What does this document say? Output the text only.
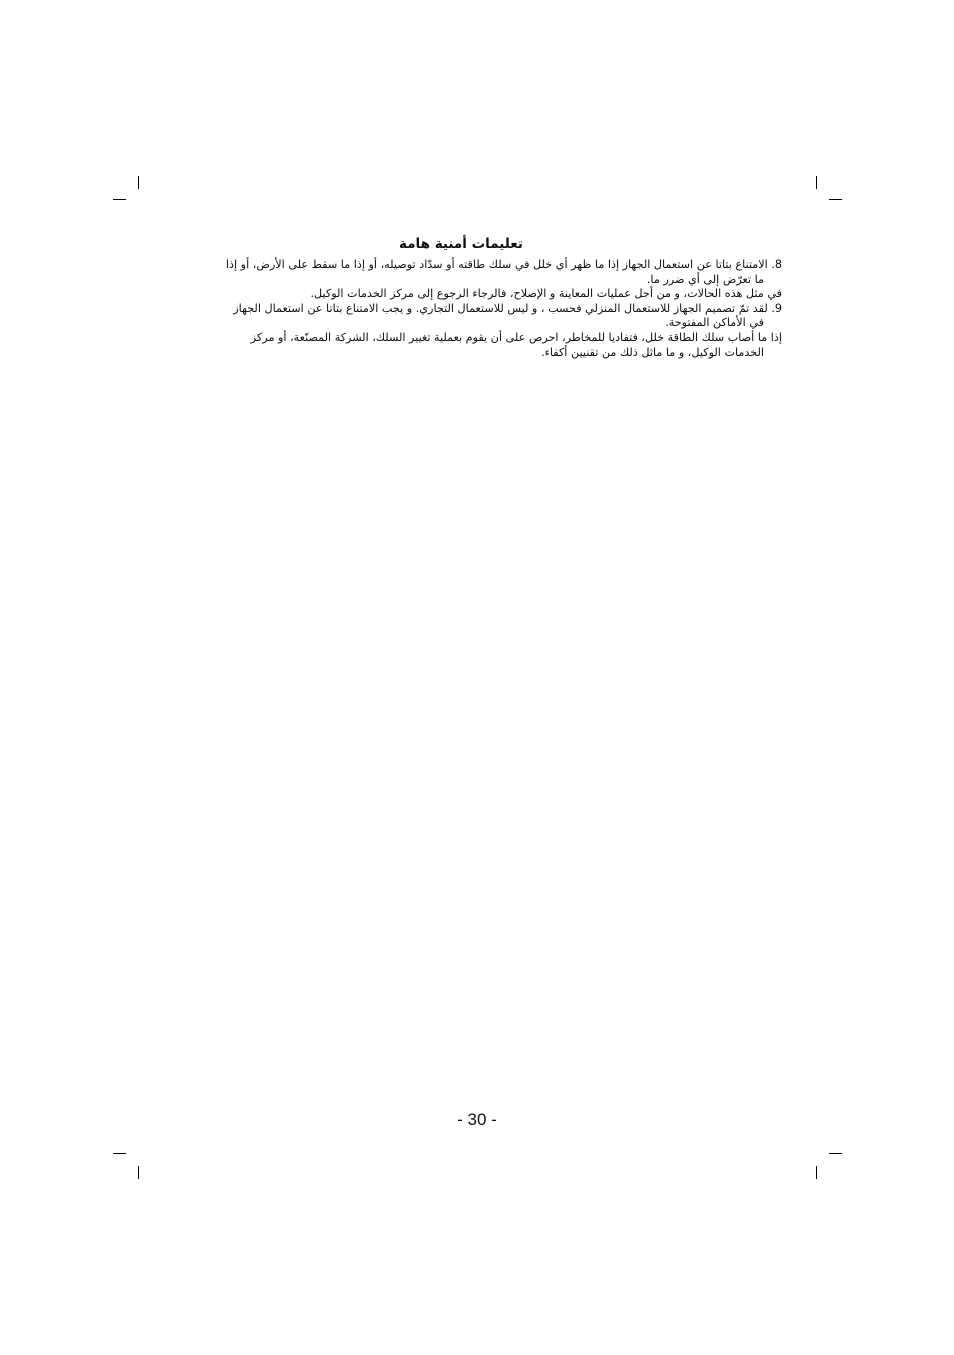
تعليمات أمنية هامة

8. الامتناع بتاتا عن استعمال الجهاز إذا ما ظهر أي خلل في سلك طاقته أو سدّاد توصيله، أو إذا ما سقط على الأرض، أو إذا

ما تعرّض إلى أي ضرر ما.

في مثل هذه الحالات، و من أجل عمليات المعاينة و الإصلاح، فالرجاء الرجوع إلى مركز الخدمات الوكيل.

9. لقد تمّ تصميم الجهاز للاستعمال المنزلي فحسب ، و ليس للاستعمال التجاري. و يجب الامتناع بتاتا عن استعمال الجهاز

في الأماكن المفتوحة.

إذا ما أصاب سلك الطاقة خلل، فتفاديا للمخاطر، احرص على أن يقوم بعملية تغيير السلك، الشركة المصنّعة، أو مركز

الخدمات الوكيل، و ما ماثل ذلك من تقنيين أكفاء.

- 30 -
